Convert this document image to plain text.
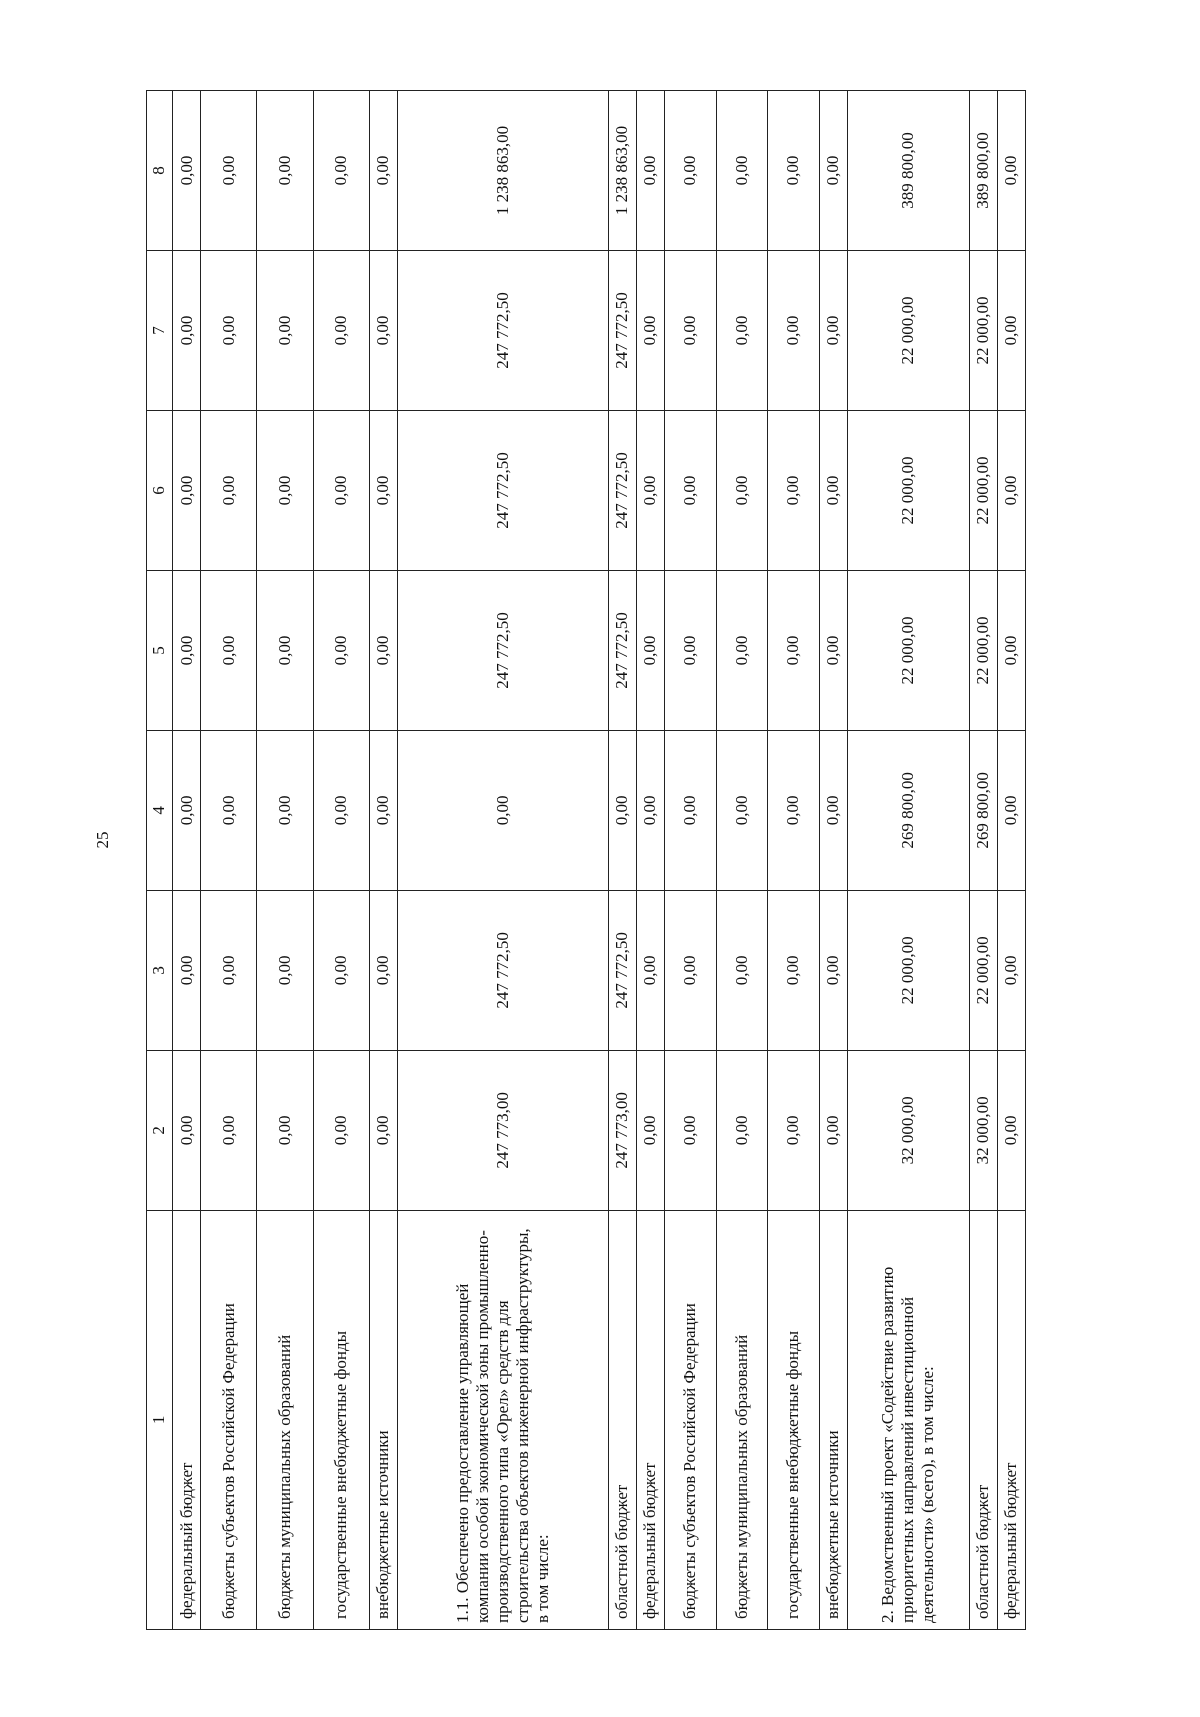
25
1	2	3	4	5	6	7	8
федеральный бюджет	0,00	0,00	0,00	0,00	0,00	0,00	0,00
бюджеты субъектов Российской Федерации	0,00	0,00	0,00	0,00	0,00	0,00	0,00
бюджеты муниципальных образований	0,00	0,00	0,00	0,00	0,00	0,00	0,00
государственные внебюджетные фонды	0,00	0,00	0,00	0,00	0,00	0,00	0,00
внебюджетные источники	0,00	0,00	0,00	0,00	0,00	0,00	0,00
1.1. Обеспечено предоставление управляющей компании особой экономической зоны промышленно-производственного типа «Орел» средств для строительства объектов инженерной инфраструктуры, в том числе:	247 773,00	247 772,50	0,00	247 772,50	247 772,50	247 772,50	1 238 863,00
областной бюджет	247 773,00	247 772,50	0,00	247 772,50	247 772,50	247 772,50	1 238 863,00
федеральный бюджет	0,00	0,00	0,00	0,00	0,00	0,00	0,00
бюджеты субъектов Российской Федерации	0,00	0,00	0,00	0,00	0,00	0,00	0,00
бюджеты муниципальных образований	0,00	0,00	0,00	0,00	0,00	0,00	0,00
государственные внебюджетные фонды	0,00	0,00	0,00	0,00	0,00	0,00	0,00
внебюджетные источники	0,00	0,00	0,00	0,00	0,00	0,00	0,00
2. Ведомственный проект «Содействие развитию приоритетных направлений инвестиционной деятельности» (всего), в том числе:	32 000,00	22 000,00	269 800,00	22 000,00	22 000,00	22 000,00	389 800,00
областной бюджет	32 000,00	22 000,00	269 800,00	22 000,00	22 000,00	22 000,00	389 800,00
федеральный бюджет	0,00	0,00	0,00	0,00	0,00	0,00	0,00
